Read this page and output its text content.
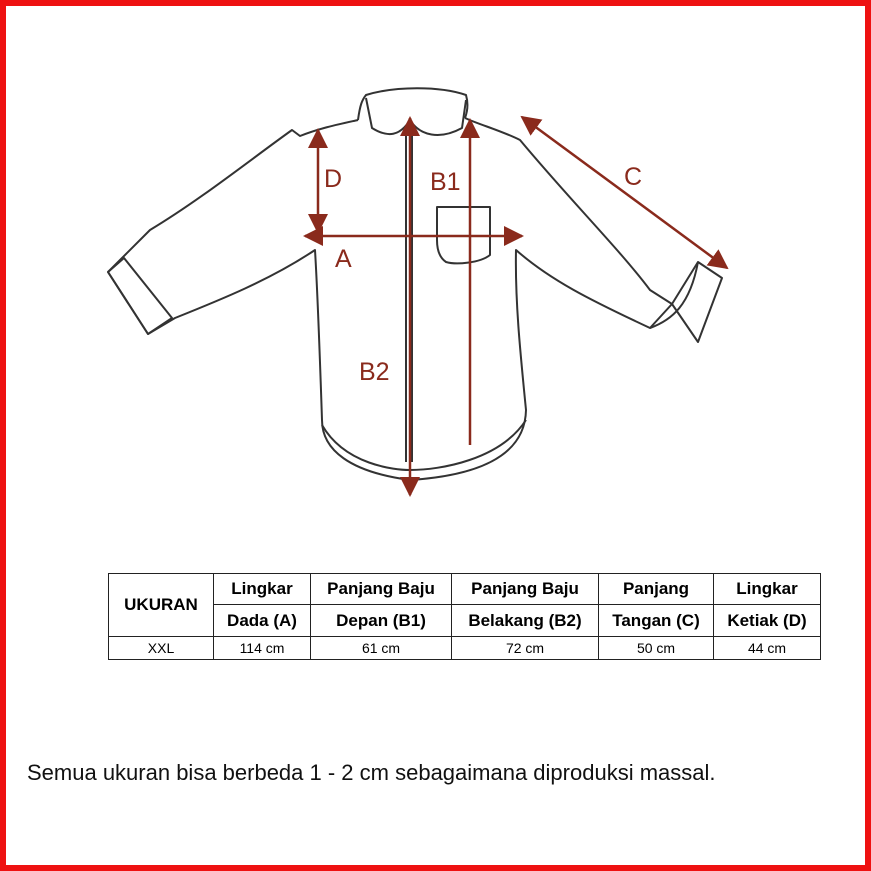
D	B1
A
C
B2
UKURAN	Lingkar	Panjang Baju	Panjang Baju	Panjang	Lingkar
	Dada (A)	Depan (B1)	Belakang (B2)	Tangan (C)	Ketiak (D)
XXL	114 cm	61 cm	72 cm	50 cm	44 cm
Semua ukuran bisa berbeda 1 - 2 cm sebagaimana diproduksi massal.
